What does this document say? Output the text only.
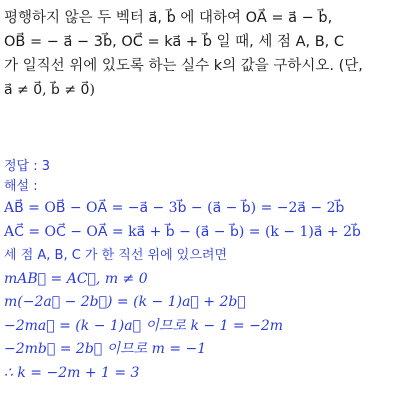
평행하지 않은 두 벡터 a⃗, b⃗ 에 대하여 OA⃗ = a⃗ − b⃗,
OB⃗ = − a⃗ − 3b⃗, OC⃗ = ka⃗ + b⃗ 일 때, 세 점 A, B, C
가 일직선 위에 있도록 하는 실수 k의 값을 구하시오. (단,
a⃗ ≠ 0⃗, b⃗ ≠ 0⃗)
정답 : 3
해설 :
AB⃗ = OB⃗ − OA⃗ = −a⃗ − 3b⃗ − (a⃗ − b⃗) = −2a⃗ − 2b⃗
AC⃗ = OC⃗ − OA⃗ = ka⃗ + b⃗ − (a⃗ − b⃗) = (k − 1)a⃗ + 2b⃗
세 점 A, B, C 가 한 직선 위에 있으려면
mAB⃗ = AC⃗, m ≠ 0
m(−2a⃗ − 2b⃗) = (k − 1)a⃗ + 2b⃗
−2ma⃗ = (k − 1)a⃗ 이므로 k − 1 = −2m
−2mb⃗ = 2b⃗ 이므로 m = −1
∴ k = −2m + 1 = 3
